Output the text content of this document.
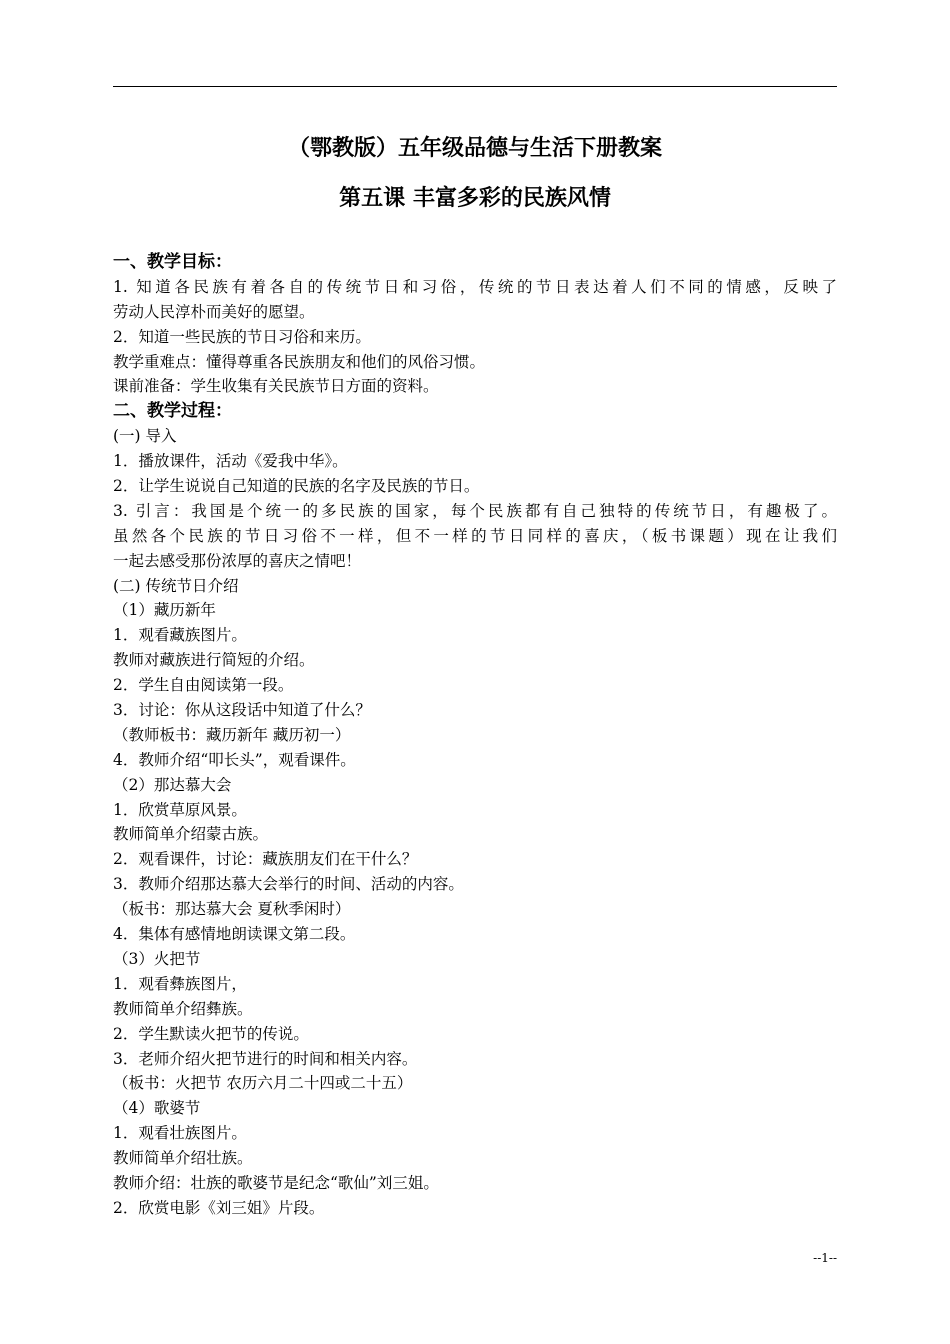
（鄂教版）五年级品德与生活下册教案
第五课 丰富多彩的民族风情
一、教学目标：
1. 知道各民族有着各自的传统节日和习俗，传统的节日表达着人们不同的情感，反映了
劳动人民淳朴而美好的愿望。
2．知道一些民族的节日习俗和来历。
教学重难点：懂得尊重各民族朋友和他们的风俗习惯。
课前准备：学生收集有关民族节日方面的资料。
二、教学过程：
(一) 导入
1．播放课件，活动《爱我中华》。
2．让学生说说自己知道的民族的名字及民族的节日。
3. 引言：我国是个统一的多民族的国家，每个民族都有自己独特的传统节日，有趣极了。
虽然各个民族的节日习俗不一样，但不一样的节日同样的喜庆，（板书课题）现在让我们
一起去感受那份浓厚的喜庆之情吧！
(二) 传统节日介绍
（1）藏历新年
1．观看藏族图片。
教师对藏族进行简短的介绍。
2．学生自由阅读第一段。
3．讨论：你从这段话中知道了什么？
（教师板书：藏历新年 藏历初一）
4．教师介绍“叩长头”，观看课件。
（2）那达慕大会
1．欣赏草原风景。
教师简单介绍蒙古族。
2．观看课件，讨论：藏族朋友们在干什么？
3．教师介绍那达慕大会举行的时间、活动的内容。
（板书：那达慕大会 夏秋季闲时）
4．集体有感情地朗读课文第二段。
（3）火把节
1．观看彝族图片，
教师简单介绍彝族。
2．学生默读火把节的传说。
3．老师介绍火把节进行的时间和相关内容。
（板书：火把节 农历六月二十四或二十五）
（4）歌婆节
1．观看壮族图片。
教师简单介绍壮族。
教师介绍：壮族的歌婆节是纪念“歌仙”刘三姐。
2．欣赏电影《刘三姐》片段。
--1--
